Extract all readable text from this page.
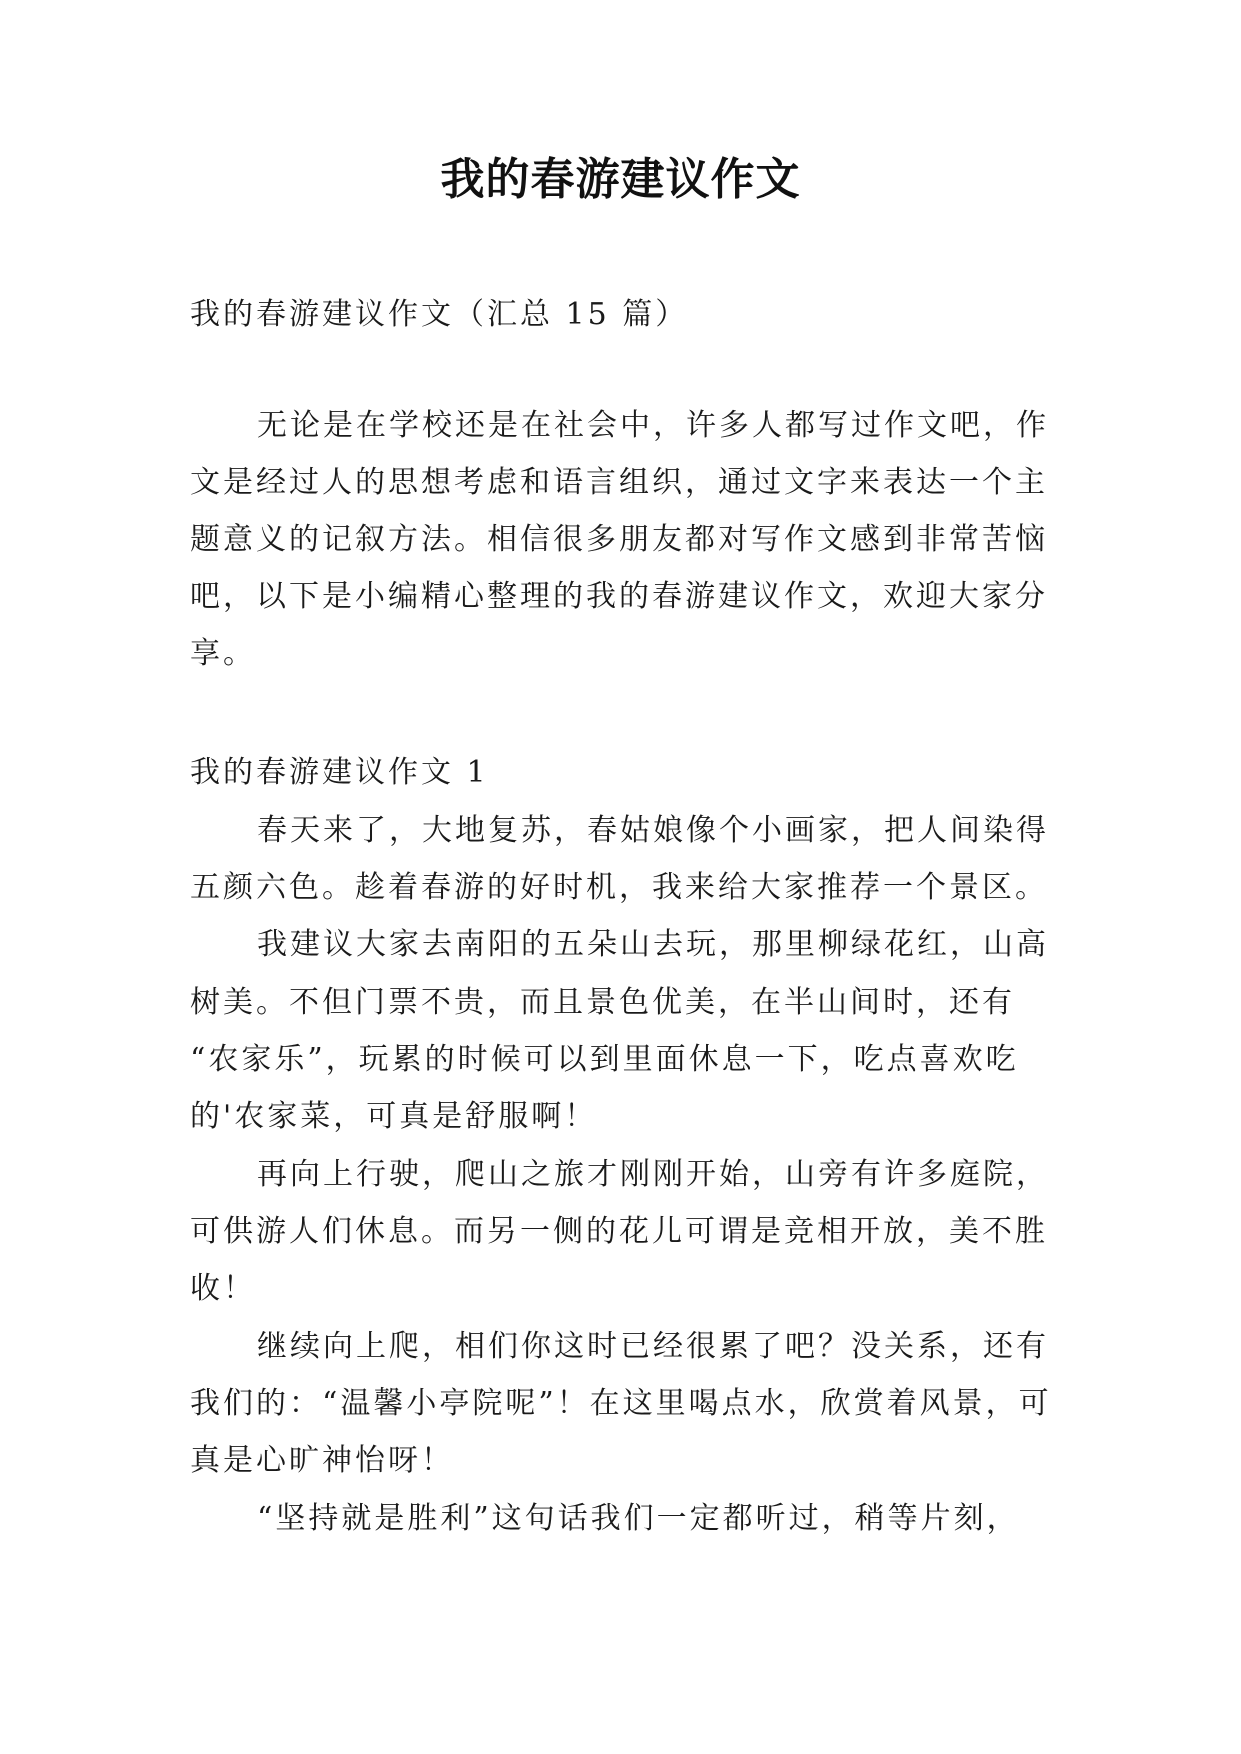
我的春游建议作文
我的春游建议作文（汇总 15 篇）
无论是在学校还是在社会中，许多人都写过作文吧，作
文是经过人的思想考虑和语言组织，通过文字来表达一个主
题意义的记叙方法。相信很多朋友都对写作文感到非常苦恼
吧，以下是小编精心整理的我的春游建议作文，欢迎大家分
享。
我的春游建议作文 1
春天来了，大地复苏，春姑娘像个小画家，把人间染得
五颜六色。趁着春游的好时机，我来给大家推荐一个景区。
我建议大家去南阳的五朵山去玩，那里柳绿花红，山高
树美。不但门票不贵，而且景色优美，在半山间时，还有
“农家乐”，玩累的时候可以到里面休息一下，吃点喜欢吃
的'农家菜，可真是舒服啊！
再向上行驶，爬山之旅才刚刚开始，山旁有许多庭院，
可供游人们休息。而另一侧的花儿可谓是竞相开放，美不胜
收！
继续向上爬，相们你这时已经很累了吧？没关系，还有
我们的：“温馨小亭院呢”！在这里喝点水，欣赏着风景，可
真是心旷神怡呀！
“坚持就是胜利”这句话我们一定都听过，稍等片刻，
